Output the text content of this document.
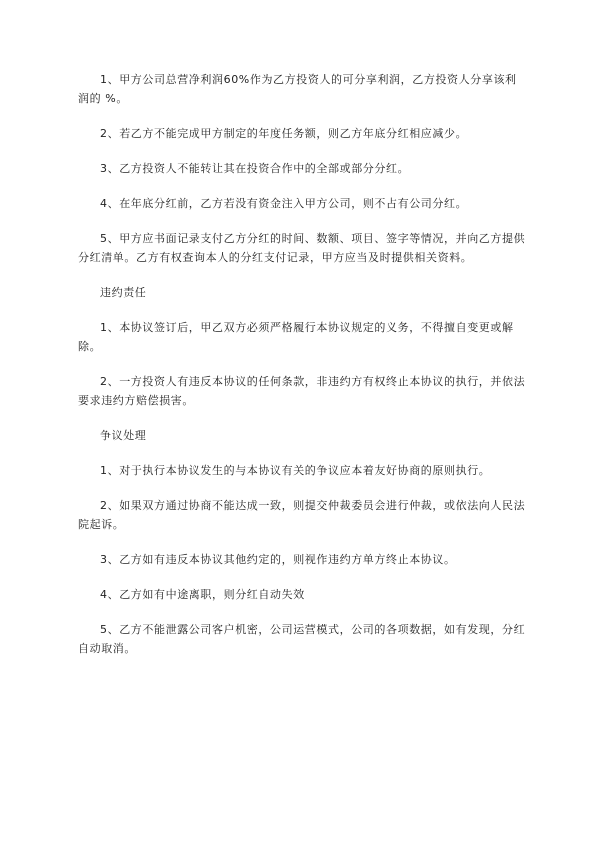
1、甲方公司总营净利润60%作为乙方投资人的可分享利润，乙方投资人分享该利润的 %。

2、若乙方不能完成甲方制定的年度任务额，则乙方年底分红相应减少。

3、乙方投资人不能转让其在投资合作中的全部或部分分红。

4、在年底分红前，乙方若没有资金注入甲方公司，则不占有公司分红。

5、甲方应书面记录支付乙方分红的时间、数额、项目、签字等情况，并向乙方提供分红清单。乙方有权查询本人的分红支付记录，甲方应当及时提供相关资料。

违约责任

1、本协议签订后，甲乙双方必须严格履行本协议规定的义务，不得擅自变更或解除。

2、一方投资人有违反本协议的任何条款，非违约方有权终止本协议的执行，并依法要求违约方赔偿损害。

争议处理

1、对于执行本协议发生的与本协议有关的争议应本着友好协商的原则执行。

2、如果双方通过协商不能达成一致，则提交仲裁委员会进行仲裁，或依法向人民法院起诉。

3、乙方如有违反本协议其他约定的，则视作违约方单方终止本协议。

4、乙方如有中途离职，则分红自动失效

5、乙方不能泄露公司客户机密，公司运营模式，公司的各项数据，如有发现，分红自动取消。
